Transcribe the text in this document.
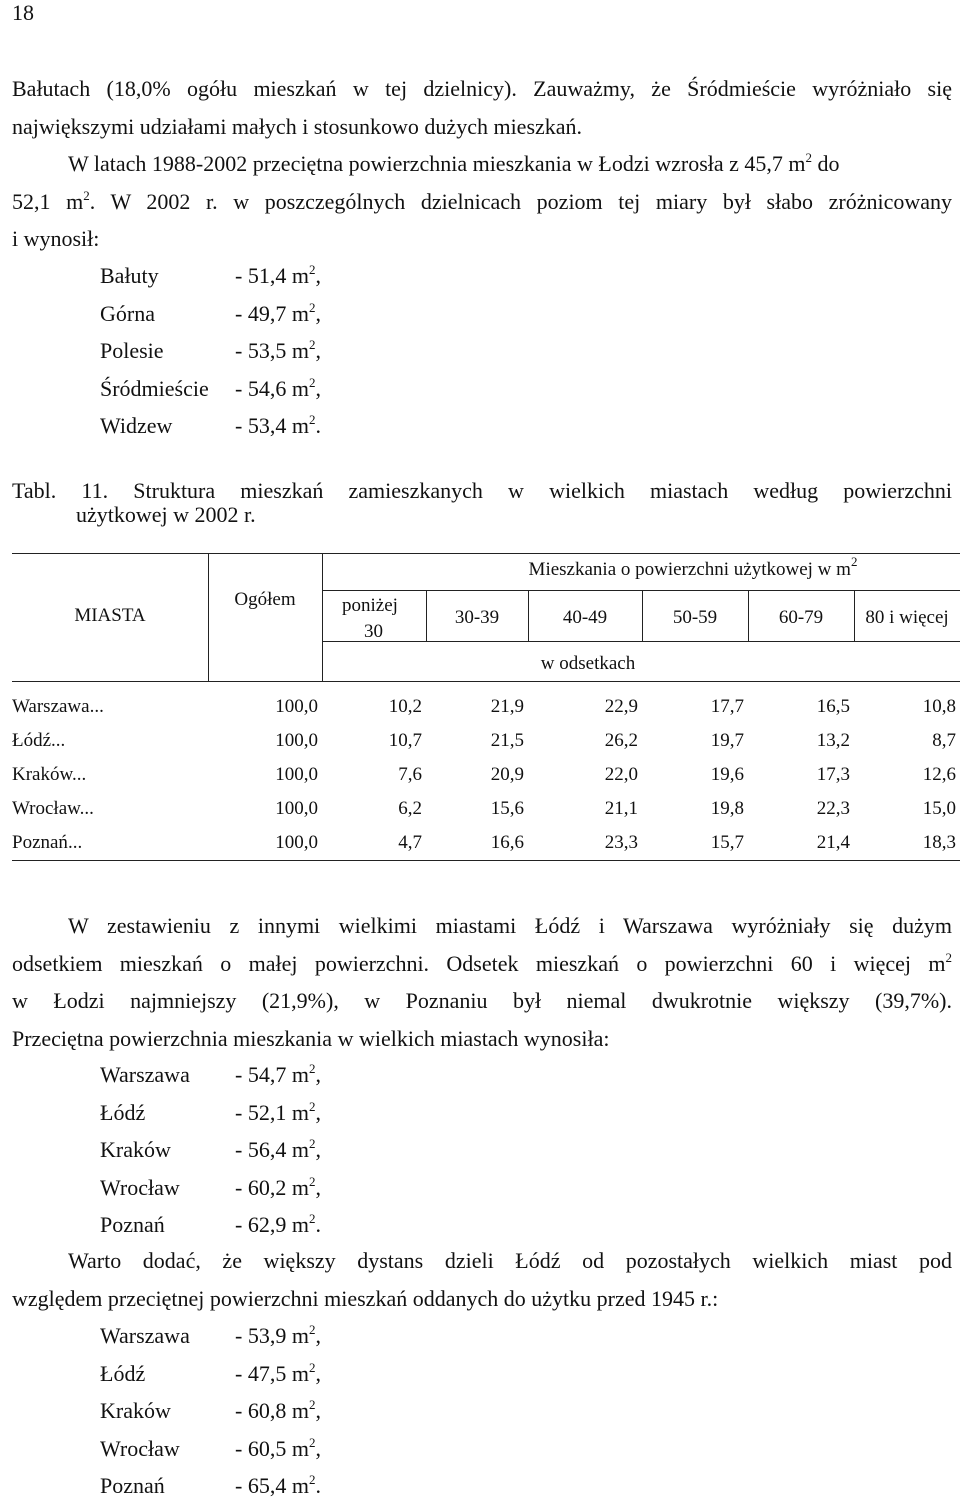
18
Bałutach (18,0% ogółu mieszkań w tej dzielnicy). Zauważmy, że Śródmieście wyróżniało się
największymi udziałami małych i stosunkowo dużych mieszkań.
W latach 1988-2002 przeciętna powierzchnia mieszkania w Łodzi wzrosła z 45,7 $m^2$ do
52,1 $m^2$. W 2002 r. w poszczególnych dzielnicach poziom tej miary był słabo zróżnicowany
i wynosił:
Bałuty	- 51,4 $m^2$,
Górna	- 49,7 $m^2$,
Polesie	- 53,5 $m^2$,
Śródmieście - 54,6 $m^2$,
Widzew	- 53,4 $m^2$.
Tabl. 11. Struktura mieszkań zamieszkanych w wielkich miastach według powierzchni
użytkowej w 2002 r.
MIASTA
Ogółem	poniżej
30
Mieszkania o powierzchni użytkowej w $m^2$
30-39	40-49	50-59	60-79	80 i więcej
w odsetkach
Warszawa...	100,0	10,2	21,9	22,9	17,7	16,5	10,8
Łódź...	100,0	10,7	21,5	26,2	19,7	13,2	8,7
Kraków...	100,0	7,6	20,9	22,0	19,6	17,3	12,6
Wrocław...	100,0	6,2	15,6	21,1	19,8	22,3	15,0
Poznań...	100,0	4,7	16,6	23,3	15,7	21,4	18,3
W zestawieniu z innymi wielkimi miastami Łódź i Warszawa wyróżniały się dużym
odsetkiem mieszkań o małej powierzchni. Odsetek mieszkań o powierzchni 60 i więcej $m^2$
w Łodzi najmniejszy (21,9%), w Poznaniu był niemal dwukrotnie większy (39,7%).
Przeciętna powierzchnia mieszkania w wielkich miastach wynosiła:
Warszawa - 54,7 $m^2$,
Łódź	- 52,1 $m^2$,
Kraków	- 56,4 $m^2$,
Wrocław	- 60,2 $m^2$,
Poznań	- 62,9 $m^2$.
Warto dodać, że większy dystans dzieli Łódź od pozostałych wielkich miast pod
względem przeciętnej powierzchni mieszkań oddanych do użytku przed 1945 r.:
Warszawa - 53,9 $m^2$,
Łódź	- 47,5 $m^2$,
Kraków	- 60,8 $m^2$,
Wrocław	- 60,5 $m^2$,
Poznań	- 65,4 $m^2$.
